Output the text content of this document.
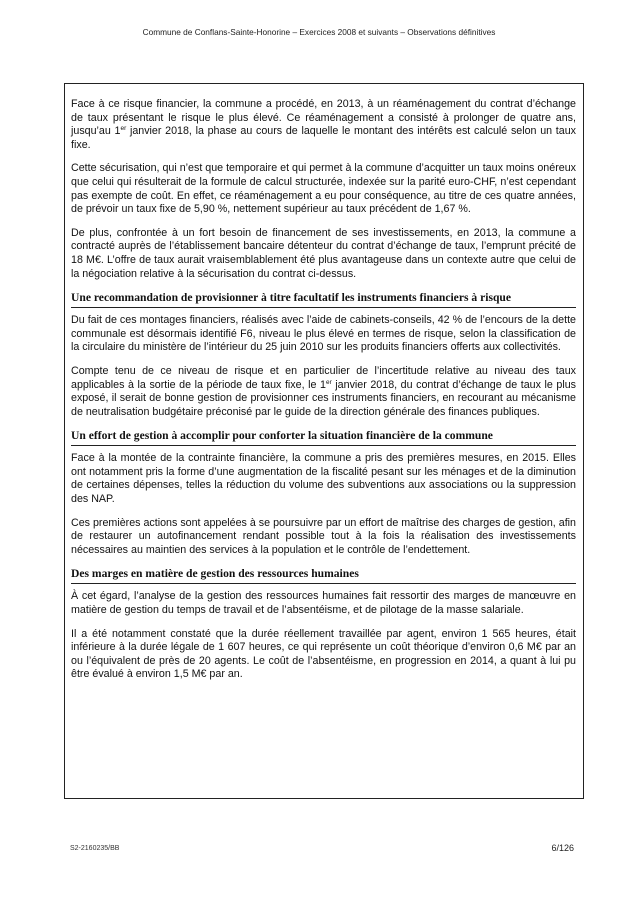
Commune de Conflans-Sainte-Honorine – Exercices 2008 et suivants – Observations définitives

Face à ce risque financier, la commune a procédé, en 2013, à un réaménagement du contrat d’échange de taux présentant le risque le plus élevé. Ce réaménagement a consisté à prolonger de quatre ans, jusqu’au 1er janvier 2018, la phase au cours de laquelle le montant des intérêts est calculé selon un taux fixe.

Cette sécurisation, qui n’est que temporaire et qui permet à la commune d’acquitter un taux moins onéreux que celui qui résulterait de la formule de calcul structurée, indexée sur la parité euro-CHF, n’est cependant pas exempte de coût. En effet, ce réaménagement a eu pour conséquence, au titre de ces quatre années, de prévoir un taux fixe de 5,90 %, nettement supérieur au taux précédent de 1,67 %.

De plus, confrontée à un fort besoin de financement de ses investissements, en 2013, la commune a contracté auprès de l’établissement bancaire détenteur du contrat d’échange de taux, l’emprunt précité de 18 M€. L’offre de taux aurait vraisemblablement été plus avantageuse dans un contexte autre que celui de la négociation relative à la sécurisation du contrat ci-dessus.

Une recommandation de provisionner à titre facultatif les instruments financiers à risque

Du fait de ces montages financiers, réalisés avec l’aide de cabinets-conseils, 42 % de l’encours de la dette communale est désormais identifié F6, niveau le plus élevé en termes de risque, selon la classification de la circulaire du ministère de l’intérieur du 25 juin 2010 sur les produits financiers offerts aux collectivités.

Compte tenu de ce niveau de risque et en particulier de l’incertitude relative au niveau des taux applicables à la sortie de la période de taux fixe, le 1er janvier 2018, du contrat d’échange de taux le plus exposé, il serait de bonne gestion de provisionner ces instruments financiers, en recourant au mécanisme de neutralisation budgétaire préconisé par le guide de la direction générale des finances publiques.

Un effort de gestion à accomplir pour conforter la situation financière de la commune

Face à la montée de la contrainte financière, la commune a pris des premières mesures, en 2015. Elles ont notamment pris la forme d’une augmentation de la fiscalité pesant sur les ménages et de la diminution de certaines dépenses, telles la réduction du volume des subventions aux associations ou la suppression des NAP.

Ces premières actions sont appelées à se poursuivre par un effort de maîtrise des charges de gestion, afin de restaurer un autofinancement rendant possible tout à la fois la réalisation des investissements nécessaires au maintien des services à la population et le contrôle de l’endettement.

Des marges en matière de gestion des ressources humaines

À cet égard, l’analyse de la gestion des ressources humaines fait ressortir des marges de manœuvre en matière de gestion du temps de travail et de l’absentéisme, et de pilotage de la masse salariale.

Il a été notamment constaté que la durée réellement travaillée par agent, environ 1 565 heures, était inférieure à la durée légale de 1 607 heures, ce qui représente un coût théorique d’environ 0,6 M€ par an ou l’équivalent de près de 20 agents. Le coût de l’absentéisme, en progression en 2014, a quant à lui pu être évalué à environ 1,5 M€ par an.

S2-2160235/BB	6/126
